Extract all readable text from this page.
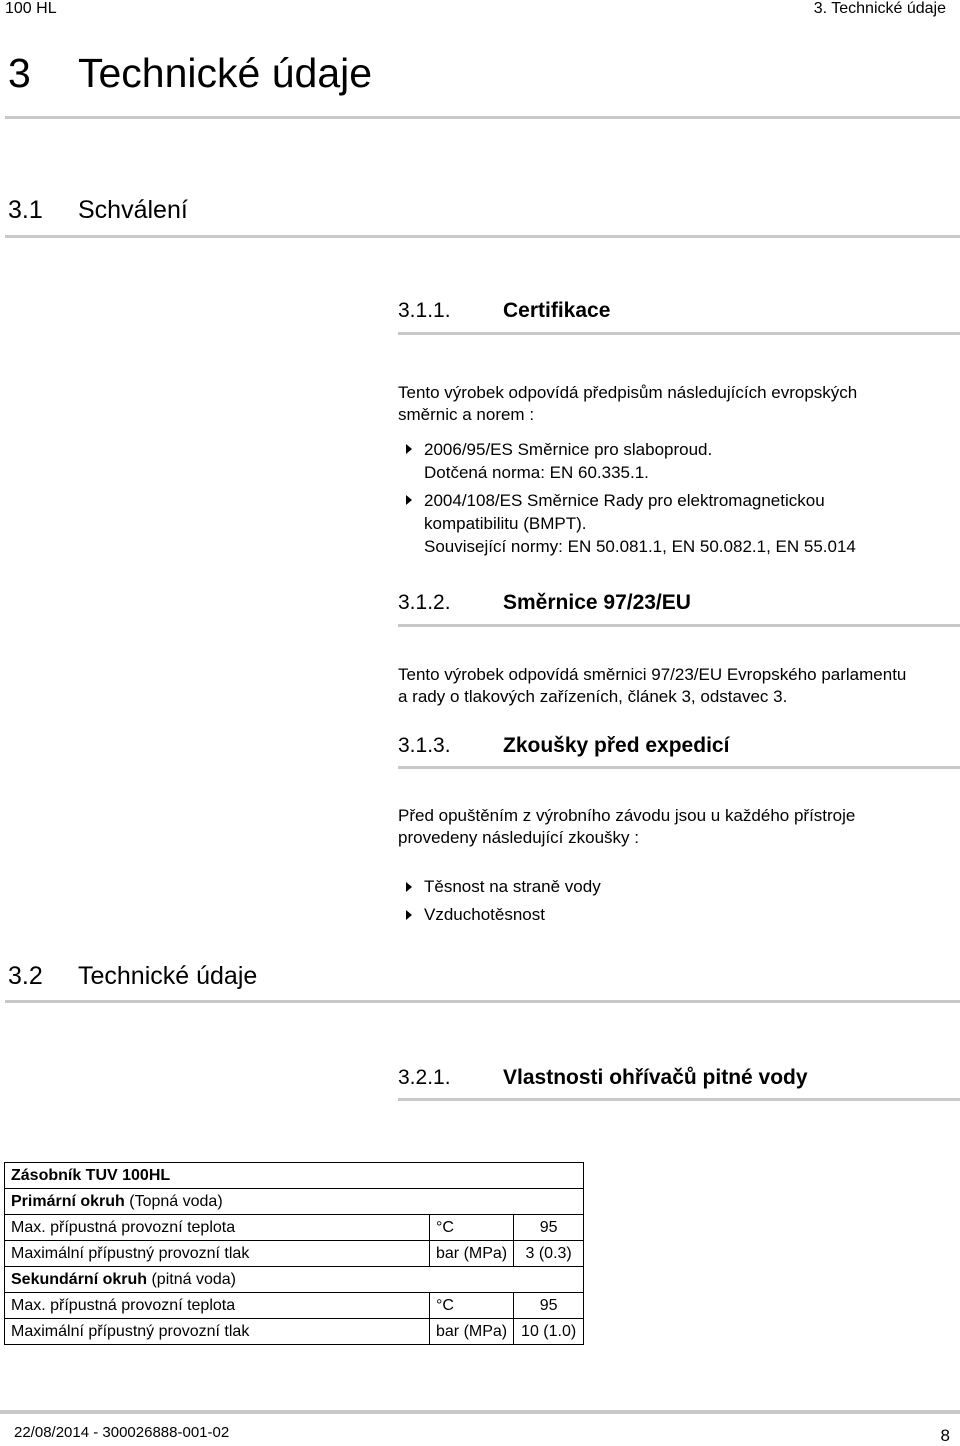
100 HL	3. Technické údaje
3 Technické údaje
3.1 Schválení
3.1.1. Certifikace
Tento výrobek odpovídá předpisům následujících evropských
směrnic a norem :
2006/95/ES Směrnice pro slaboproud.
Dotčená norma: EN 60.335.1.
2004/108/ES Směrnice Rady pro elektromagnetickou
kompatibilitu (BMPT).
Související normy: EN 50.081.1, EN 50.082.1, EN 55.014
3.1.2. Směrnice 97/23/EU
Tento výrobek odpovídá směrnici 97/23/EU Evropského parlamentu
a rady o tlakových zařízeních, článek 3, odstavec 3.
3.1.3. Zkoušky před expedicí
Před opuštěním z výrobního závodu jsou u každého přístroje
provedeny následující zkoušky :
Těsnost na straně vody
Vzduchotěsnost
3.2 Technické údaje
3.2.1. Vlastnosti ohřívačů pitné vody
Zásobník TUV 100HL		
Primární okruh (Topná voda)		
Max. přípustná provozní teplota	°C	95
Maximální přípustný provozní tlak	bar (MPa)	3 (0.3)
Sekundární okruh (pitná voda)		
Max. přípustná provozní teplota	°C	95
Maximální přípustný provozní tlak	bar (MPa)	10 (1.0)
22/08/2014 - 300026888-001-02	8
